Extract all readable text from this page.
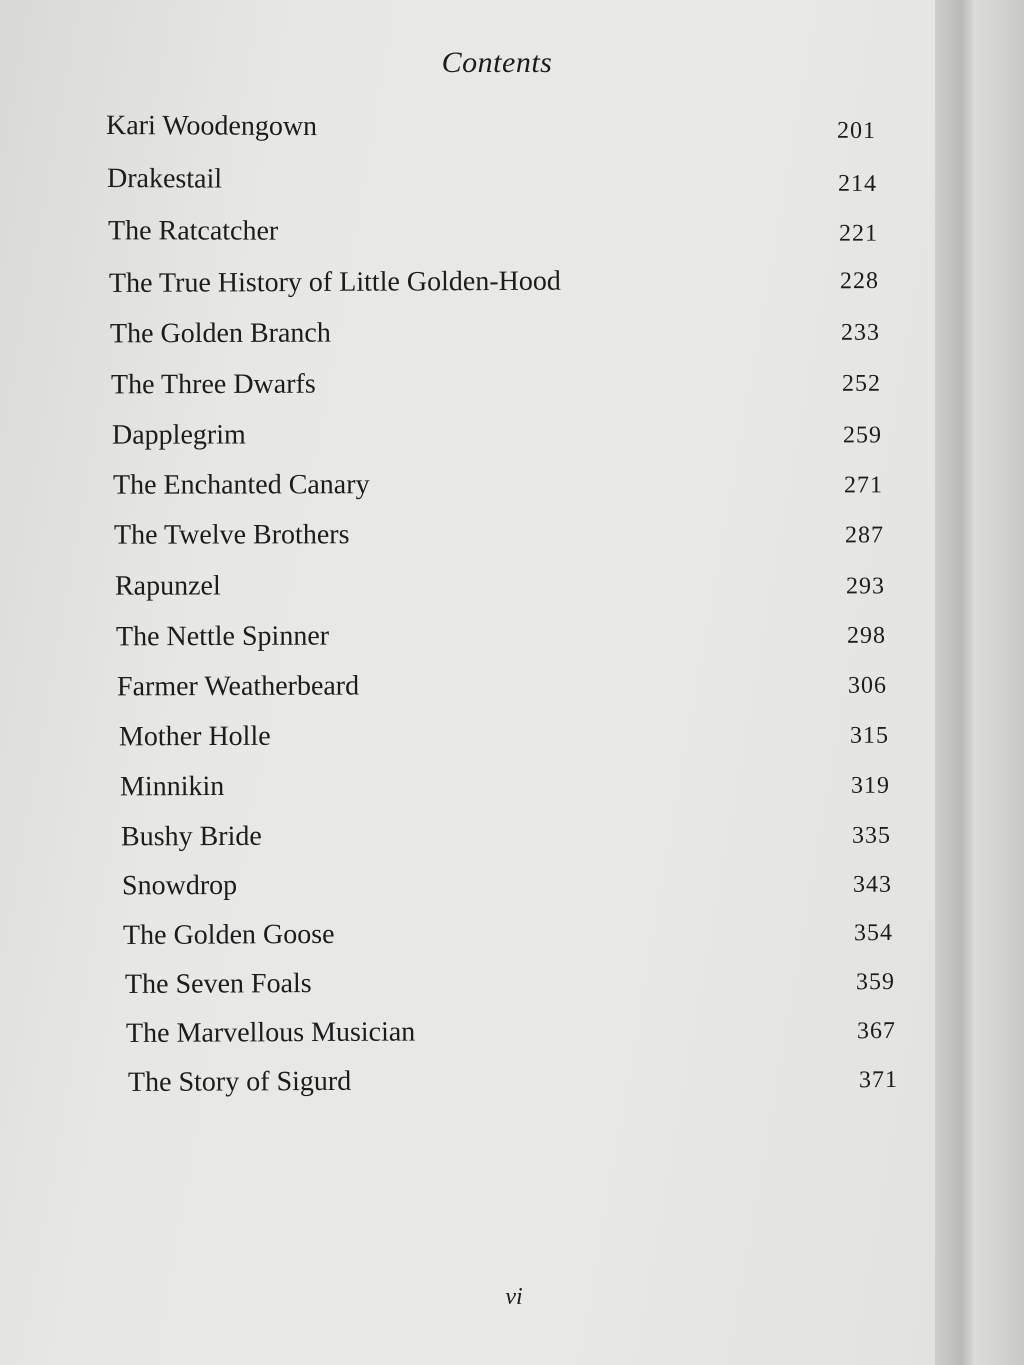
Contents
Kari Woodengown	201
Drakestail	214
The Ratcatcher	221
The True History of Little Golden-Hood	228
The Golden Branch	233
The Three Dwarfs	252
Dapplegrim	259
The Enchanted Canary	271
The Twelve Brothers	287
Rapunzel	293
The Nettle Spinner	298
Farmer Weatherbeard	306
Mother Holle	315
Minnikin	319
Bushy Bride	335
Snowdrop	343
The Golden Goose	354
The Seven Foals	359
The Marvellous Musician	367
The Story of Sigurd	371
vi
